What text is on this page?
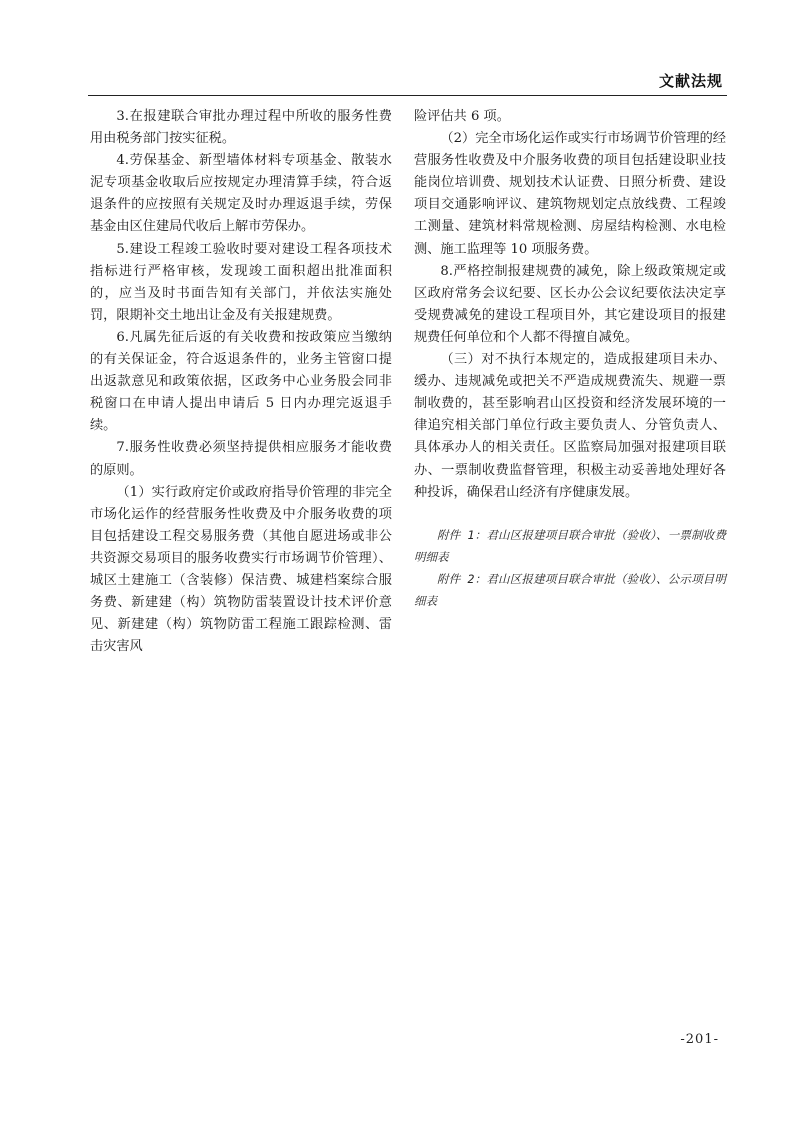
文献法规

3.在报建联合审批办理过程中所收的服务性费用由税务部门按实征税。

4.劳保基金、新型墙体材料专项基金、散装水泥专项基金收取后应按规定办理清算手续，符合返退条件的应按照有关规定及时办理返退手续，劳保基金由区住建局代收后上解市劳保办。

5.建设工程竣工验收时要对建设工程各项技术指标进行严格审核，发现竣工面积超出批准面积的，应当及时书面告知有关部门，并依法实施处罚，限期补交土地出让金及有关报建规费。

6.凡属先征后返的有关收费和按政策应当缴纳的有关保证金，符合返退条件的，业务主管窗口提出返款意见和政策依据，区政务中心业务股会同非税窗口在申请人提出申请后 5 日内办理完返退手续。

7.服务性收费必须坚持提供相应服务才能收费的原则。

（1）实行政府定价或政府指导价管理的非完全市场化运作的经营服务性收费及中介服务收费的项目包括建设工程交易服务费（其他自愿进场或非公共资源交易项目的服务收费实行市场调节价管理）、城区土建施工（含装修）保洁费、城建档案综合服务费、新建建（构）筑物防雷装置设计技术评价意见、新建建（构）筑物防雷工程施工跟踪检测、雷击灾害风

险评估共 6 项。

（2）完全市场化运作或实行市场调节价管理的经营服务性收费及中介服务收费的项目包括建设职业技能岗位培训费、规划技术认证费、日照分析费、建设项目交通影响评议、建筑物规划定点放线费、工程竣工测量、建筑材料常规检测、房屋结构检测、水电检测、施工监理等 10 项服务费。

8.严格控制报建规费的减免，除上级政策规定或区政府常务会议纪要、区长办公会议纪要依法决定享受规费减免的建设工程项目外，其它建设项目的报建规费任何单位和个人都不得擅自减免。

（三）对不执行本规定的，造成报建项目未办、缓办、违规减免或把关不严造成规费流失、规避一票制收费的，甚至影响君山区投资和经济发展环境的一律追究相关部门单位行政主要负责人、分管负责人、具体承办人的相关责任。区监察局加强对报建项目联办、一票制收费监督管理，积极主动妥善地处理好各种投诉，确保君山经济有序健康发展。

附件 1：君山区报建项目联合审批（验收）、一票制收费明细表

附件 2：君山区报建项目联合审批（验收）、公示项目明细表

-201-
